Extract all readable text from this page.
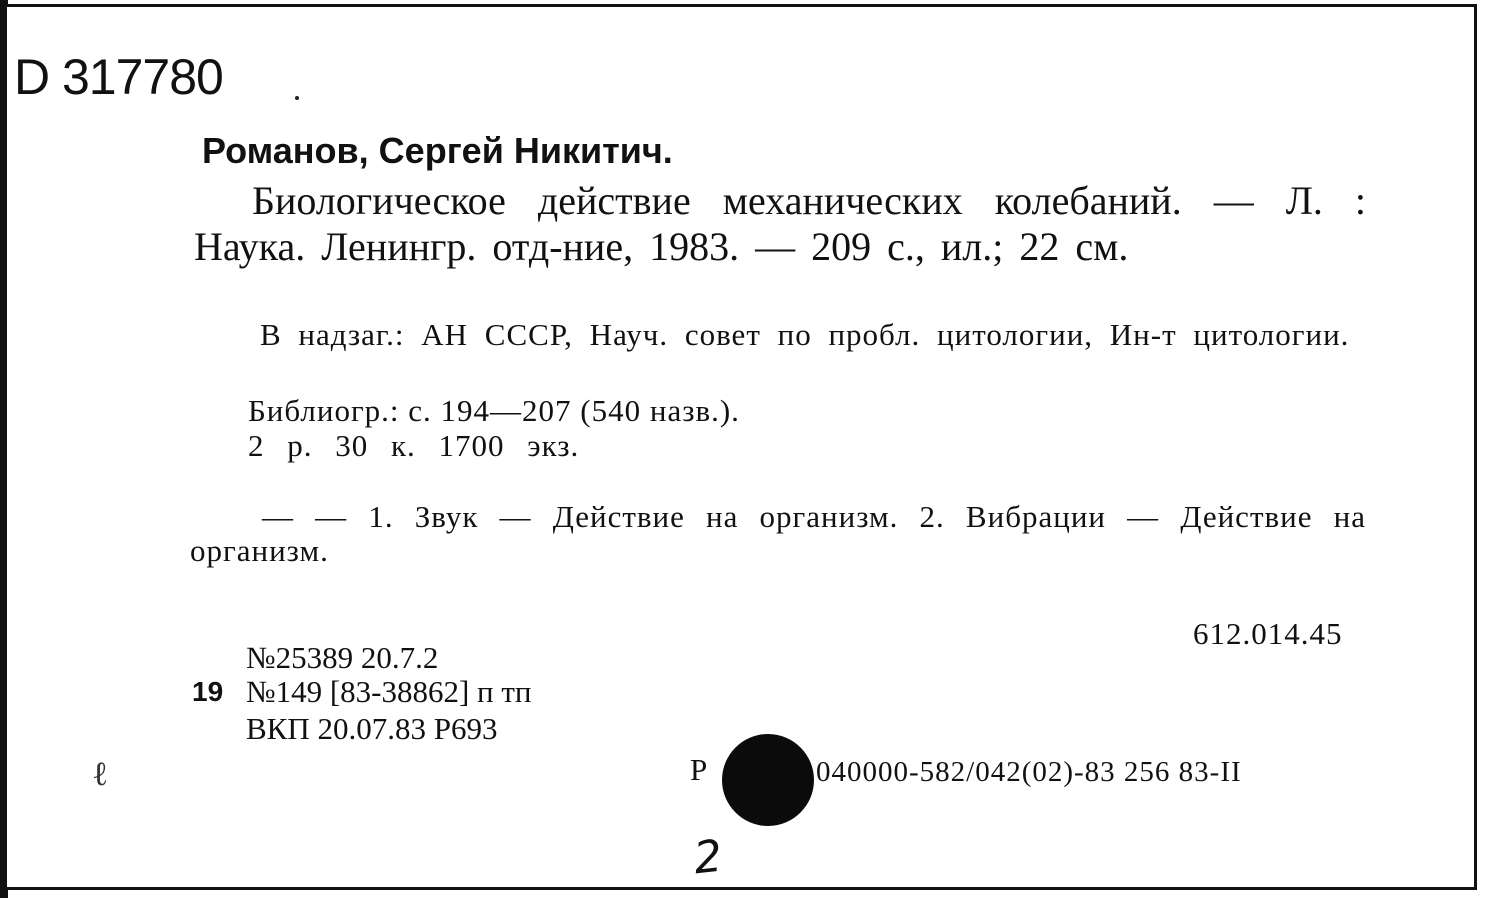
D 317780
Романов, Сергей Никитич.
Биологическое действие механических колебаний. — Л. : Наука. Ленингр. отд-ние, 1983. — 209 с., ил.; 22 см.
В надзаг.: АН СССР, Науч. совет по пробл. цитологии, Ин-т цитологии.
Библиогр.: с. 194—207 (540 назв.).
2 р. 30 к. 1700 экз.
— — 1. Звук — Действие на организм. 2. Вибрации — Действие на организм.
612.014.45
№25389 20.7.2
19 №149 [83-38862] п тп
ВКП 20.07.83 Р693
ℓ	Р	040000-582/042(02)-83 256 83-II
2
